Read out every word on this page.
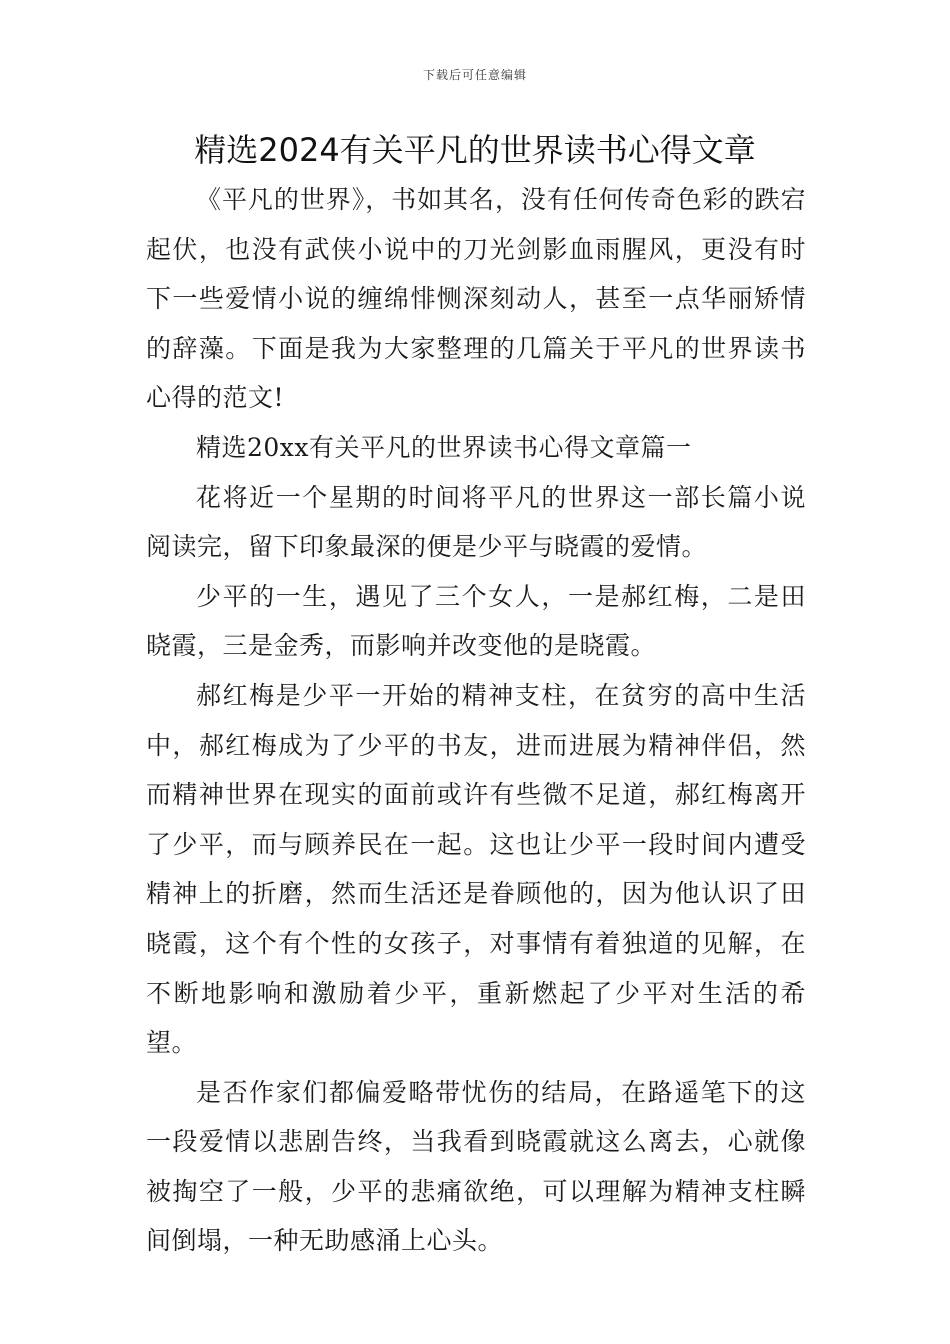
下载后可任意编辑
精选2024有关平凡的世界读书心得文章

《平凡的世界》，书如其名，没有任何传奇色彩的跌宕起伏，也没有武侠小说中的刀光剑影血雨腥风，更没有时下一些爱情小说的缠绵悱恻深刻动人，甚至一点华丽矫情的辞藻。下面是我为大家整理的几篇关于平凡的世界读书心得的范文!

精选20xx有关平凡的世界读书心得文章篇一

花将近一个星期的时间将平凡的世界这一部长篇小说阅读完，留下印象最深的便是少平与晓霞的爱情。

少平的一生，遇见了三个女人，一是郝红梅，二是田晓霞，三是金秀，而影响并改变他的是晓霞。

郝红梅是少平一开始的精神支柱，在贫穷的高中生活中，郝红梅成为了少平的书友，进而进展为精神伴侣，然而精神世界在现实的面前或许有些微不足道，郝红梅离开了少平，而与顾养民在一起。这也让少平一段时间内遭受精神上的折磨，然而生活还是眷顾他的，因为他认识了田晓霞，这个有个性的女孩子，对事情有着独道的见解，在不断地影响和激励着少平，重新燃起了少平对生活的希望。

是否作家们都偏爱略带忧伤的结局，在路遥笔下的这一段爱情以悲剧告终，当我看到晓霞就这么离去，心就像被掏空了一般，少平的悲痛欲绝，可以理解为精神支柱瞬间倒塌，一种无助感涌上心头。
